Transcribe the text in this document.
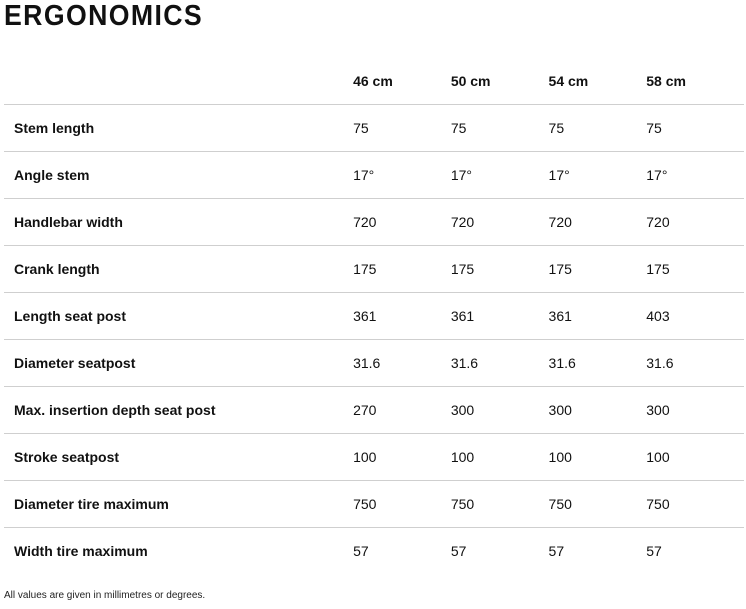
ERGONOMICS
	46 cm	50 cm	54 cm	58 cm
Stem length	75	75	75	75
Angle stem	17°	17°	17°	17°
Handlebar width	720	720	720	720
Crank length	175	175	175	175
Length seat post	361	361	361	403
Diameter seatpost	31.6	31.6	31.6	31.6
Max. insertion depth seat post	270	300	300	300
Stroke seatpost	100	100	100	100
Diameter tire maximum	750	750	750	750
Width tire maximum	57	57	57	57
All values are given in millimetres or degrees.
